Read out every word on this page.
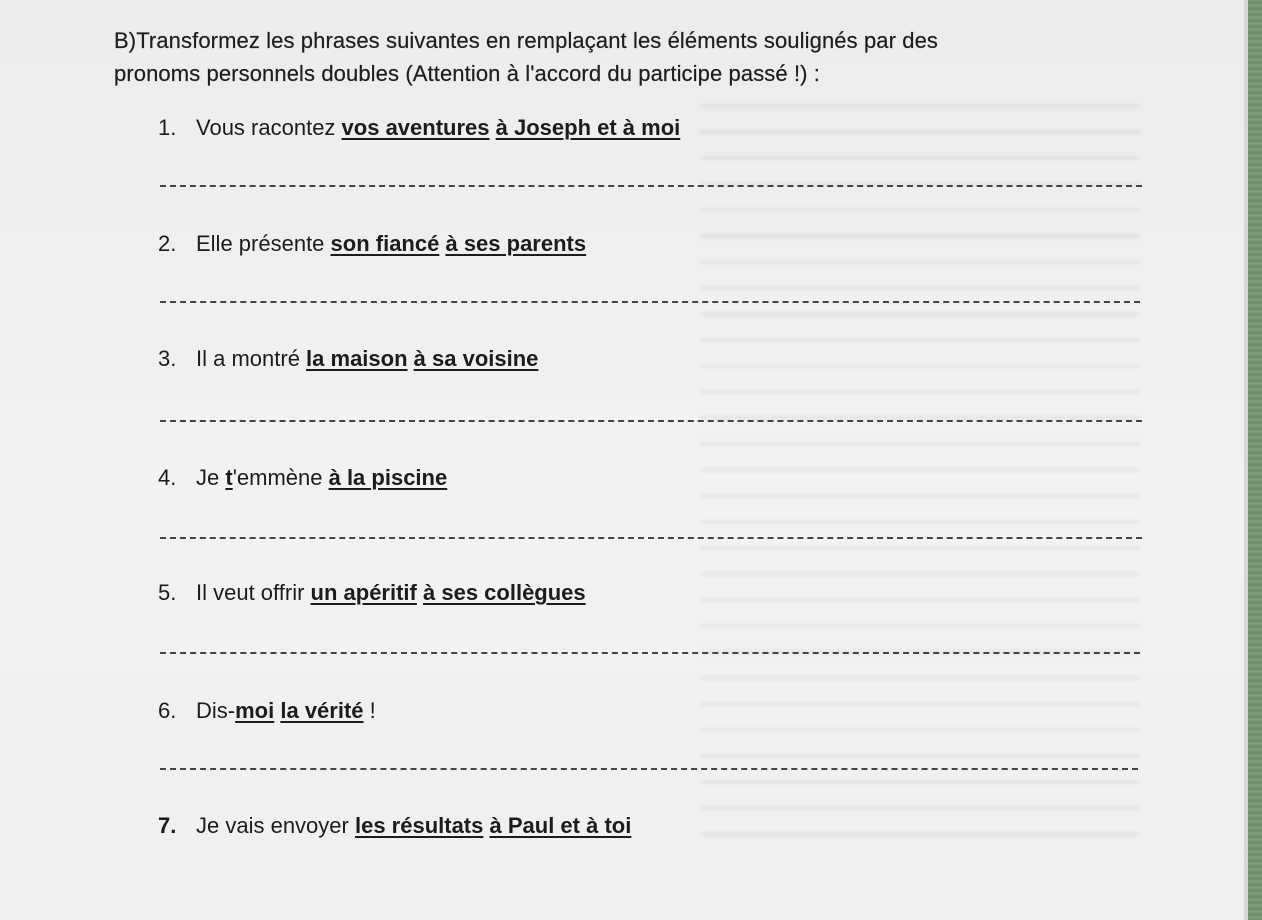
B)Transformez les phrases suivantes en remplaçant les éléments soulignés par des
pronoms personnels doubles (Attention à l'accord du participe passé !) :
1. Vous racontez vos aventures à Joseph et à moi
2. Elle présente son fiancé à ses parents
3. Il a montré la maison à sa voisine
4. Je t'emmène à la piscine
5. Il veut offrir un apéritif à ses collègues
6. Dis-moi la vérité !
7. Je vais envoyer les résultats à Paul et à toi
